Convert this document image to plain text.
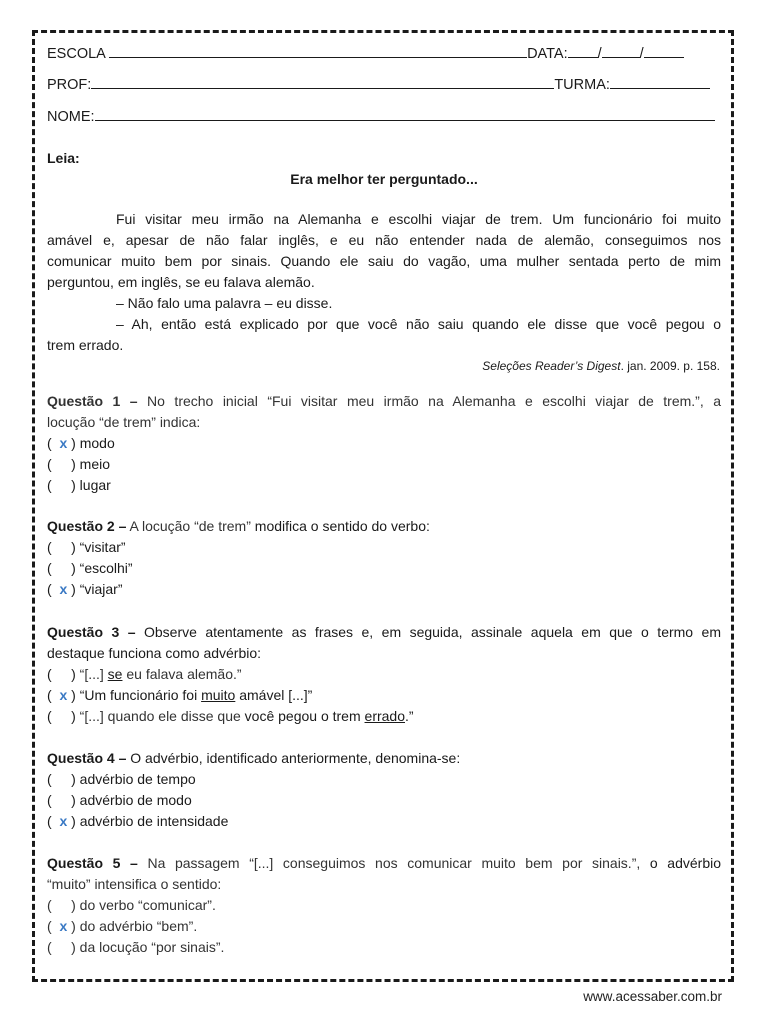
ESCOLA	DATA: /	/
PROF:	TURMA:
NOME:
Leia:
Era melhor ter perguntado...
Fui visitar meu irmão na Alemanha e escolhi viajar de trem. Um funcionário foi muito
amável e, apesar de não falar inglês, e eu não entender nada de alemão, conseguimos nos
comunicar muito bem por sinais. Quando ele saiu do vagão, uma mulher sentada perto de mim
perguntou, em inglês, se eu falava alemão.
– Não falo uma palavra – eu disse.
– Ah, então está explicado por que você não saiu quando ele disse que você pegou o
trem errado.
Seleções Reader’s Digest. jan. 2009. p. 158.
Questão 1 – No trecho inicial “Fui visitar meu irmão na Alemanha e escolhi viajar de trem.”, a
locução “de trem” indica:
(  x ) modo
(     ) meio
(     ) lugar
Questão 2 – A locução “de trem” modifica o sentido do verbo:
(     ) “visitar”
(     ) “escolhi”
(  x ) “viajar”
Questão 3 – Observe atentamente as frases e, em seguida, assinale aquela em que o termo em
destaque funciona como advérbio:
(     ) “[...] se eu falava alemão.”
(  x ) “Um funcionário foi muito amável [...]”
(     ) “[...] quando ele disse que você pegou o trem errado.”
Questão 4 – O advérbio, identificado anteriormente, denomina-se:
(     ) advérbio de tempo
(     ) advérbio de modo
(  x ) advérbio de intensidade
Questão 5 – Na passagem “[...] conseguimos nos comunicar muito bem por sinais.”, o advérbio
“muito” intensifica o sentido:
(     ) do verbo “comunicar”.
(  x ) do advérbio “bem”.
(     ) da locução “por sinais”.
www.acessaber.com.br
